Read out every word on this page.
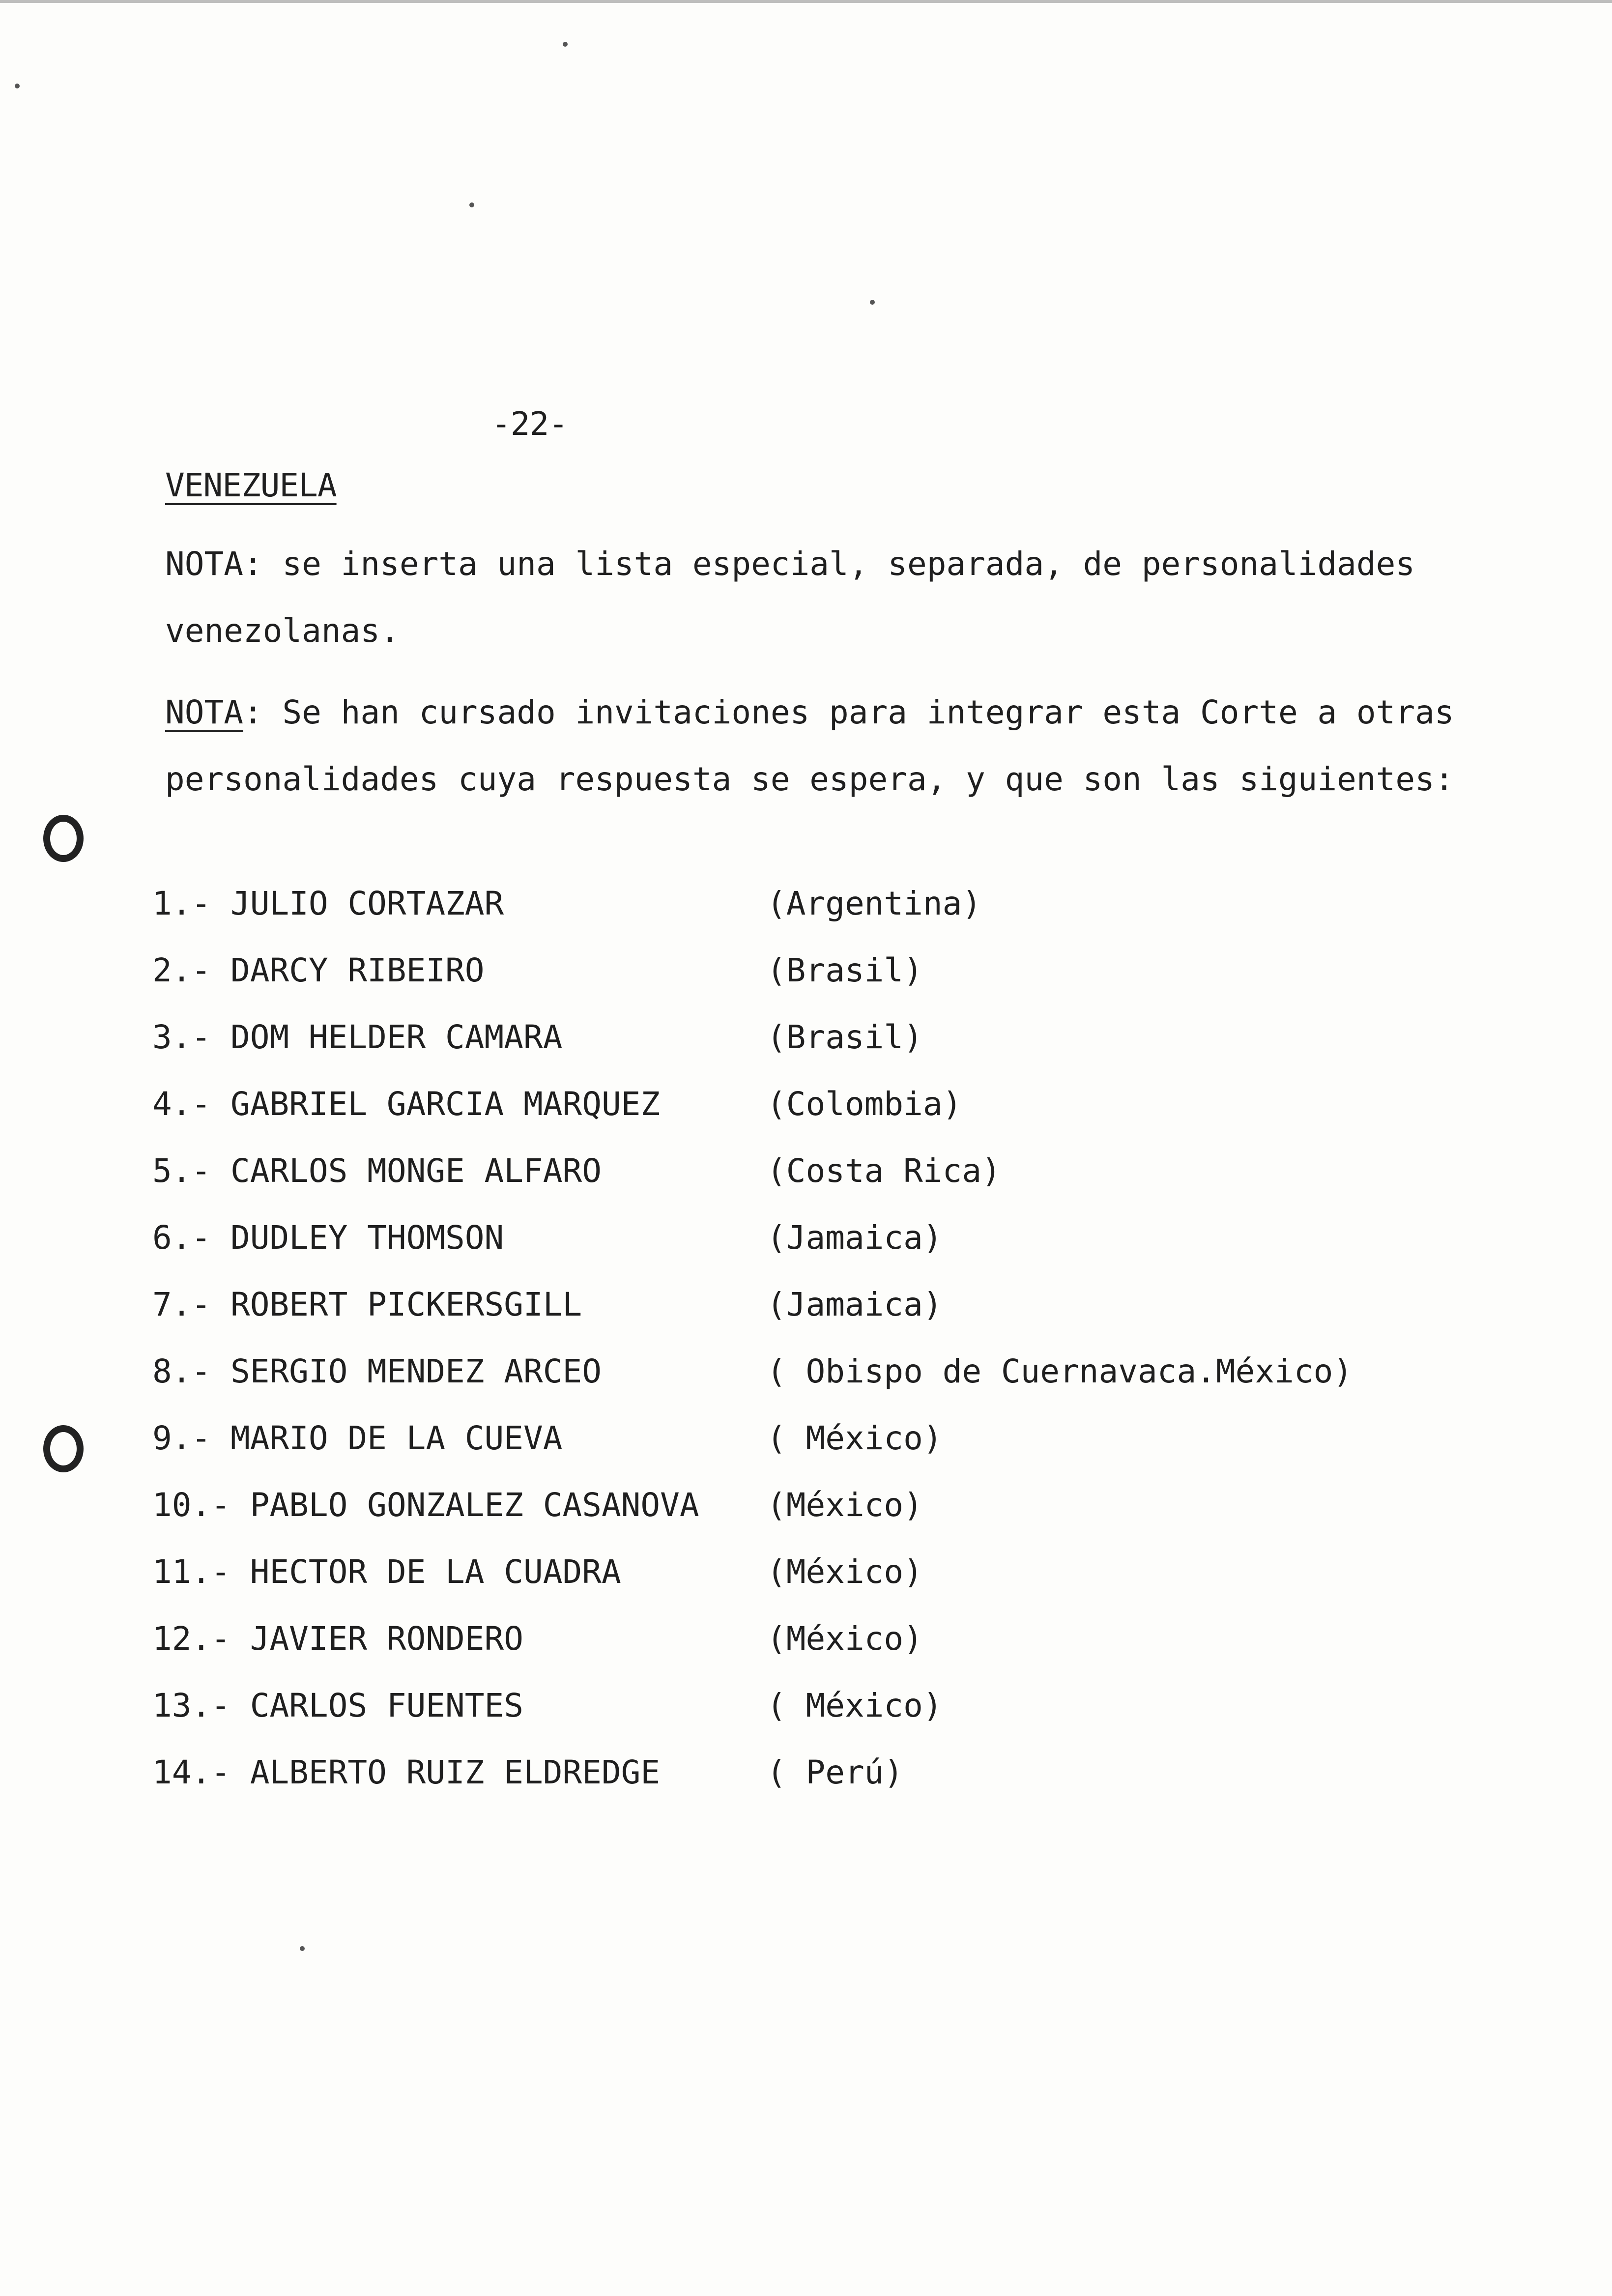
-22-
VENEZUELA
NOTA: se inserta una lista especial, separada, de personalidades venezolanas.
NOTA: Se han cursado invitaciones para integrar esta Corte a otras personalidades cuya respuesta se espera, y que son las siguientes:
1.- JULIO CORTAZAR	(Argentina)
2.- DARCY RIBEIRO	(Brasil)
3.- DOM HELDER CAMARA	(Brasil)
4.- GABRIEL GARCIA MARQUEZ	(Colombia)
5.- CARLOS MONGE ALFARO	(Costa Rica)
6.- DUDLEY THOMSON	(Jamaica)
7.- ROBERT PICKERSGILL	(Jamaica)
8.- SERGIO MENDEZ ARCEO	( Obispo de Cuernavaca.México)
9.- MARIO DE LA CUEVA	( México)
10.- PABLO GONZALEZ CASANOVA (México)
11.- HECTOR DE LA CUADRA	(México)
12.- JAVIER RONDERO	(México)
13.- CARLOS FUENTES	( México)
14.- ALBERTO RUIZ ELDREDGE	( Perú)
